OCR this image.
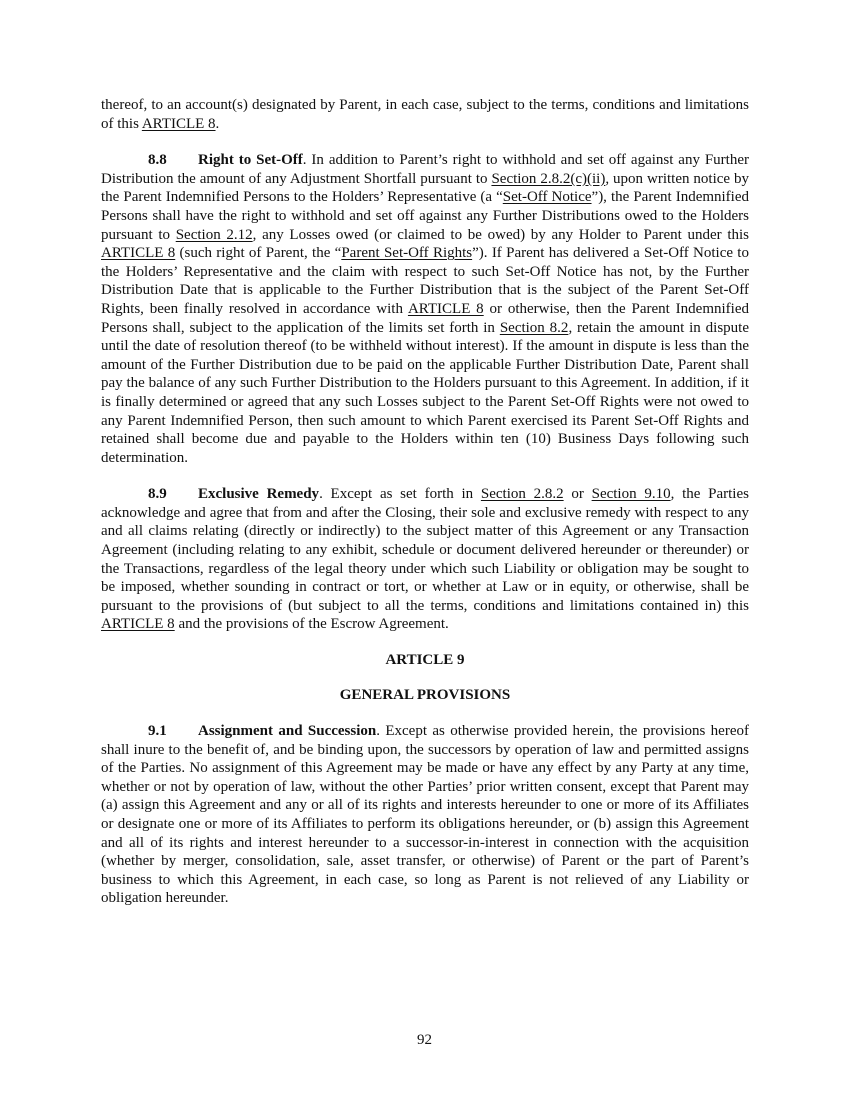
thereof, to an account(s) designated by Parent, in each case, subject to the terms, conditions and limitations of this ARTICLE 8.

8.8 Right to Set-Off. In addition to Parent’s right to withhold and set off against any Further Distribution the amount of any Adjustment Shortfall pursuant to Section 2.8.2(c)(ii), upon written notice by the Parent Indemnified Persons to the Holders’ Representative (a “Set-Off Notice”), the Parent Indemnified Persons shall have the right to withhold and set off against any Further Distributions owed to the Holders pursuant to Section 2.12, any Losses owed (or claimed to be owed) by any Holder to Parent under this ARTICLE 8 (such right of Parent, the “Parent Set-Off Rights”). If Parent has delivered a Set-Off Notice to the Holders’ Representative and the claim with respect to such Set-Off Notice has not, by the Further Distribution Date that is applicable to the Further Distribution that is the subject of the Parent Set-Off Rights, been finally resolved in accordance with ARTICLE 8 or otherwise, then the Parent Indemnified Persons shall, subject to the application of the limits set forth in Section 8.2, retain the amount in dispute until the date of resolution thereof (to be withheld without interest). If the amount in dispute is less than the amount of the Further Distribution due to be paid on the applicable Further Distribution Date, Parent shall pay the balance of any such Further Distribution to the Holders pursuant to this Agreement. In addition, if it is finally determined or agreed that any such Losses subject to the Parent Set-Off Rights were not owed to any Parent Indemnified Person, then such amount to which Parent exercised its Parent Set-Off Rights and retained shall become due and payable to the Holders within ten (10) Business Days following such determination.

8.9 Exclusive Remedy. Except as set forth in Section 2.8.2 or Section 9.10, the Parties acknowledge and agree that from and after the Closing, their sole and exclusive remedy with respect to any and all claims relating (directly or indirectly) to the subject matter of this Agreement or any Transaction Agreement (including relating to any exhibit, schedule or document delivered hereunder or thereunder) or the Transactions, regardless of the legal theory under which such Liability or obligation may be sought to be imposed, whether sounding in contract or tort, or whether at Law or in equity, or otherwise, shall be pursuant to the provisions of (but subject to all the terms, conditions and limitations contained in) this ARTICLE 8 and the provisions of the Escrow Agreement.

ARTICLE 9
GENERAL PROVISIONS

9.1 Assignment and Succession. Except as otherwise provided herein, the provisions hereof shall inure to the benefit of, and be binding upon, the successors by operation of law and permitted assigns of the Parties. No assignment of this Agreement may be made or have any effect by any Party at any time, whether or not by operation of law, without the other Parties’ prior written consent, except that Parent may (a) assign this Agreement and any or all of its rights and interests hereunder to one or more of its Affiliates or designate one or more of its Affiliates to perform its obligations hereunder, or (b) assign this Agreement and all of its rights and interest hereunder to a successor-in-interest in connection with the acquisition (whether by merger, consolidation, sale, asset transfer, or otherwise) of Parent or the part of Parent’s business to which this Agreement, in each case, so long as Parent is not relieved of any Liability or obligation hereunder.

92
